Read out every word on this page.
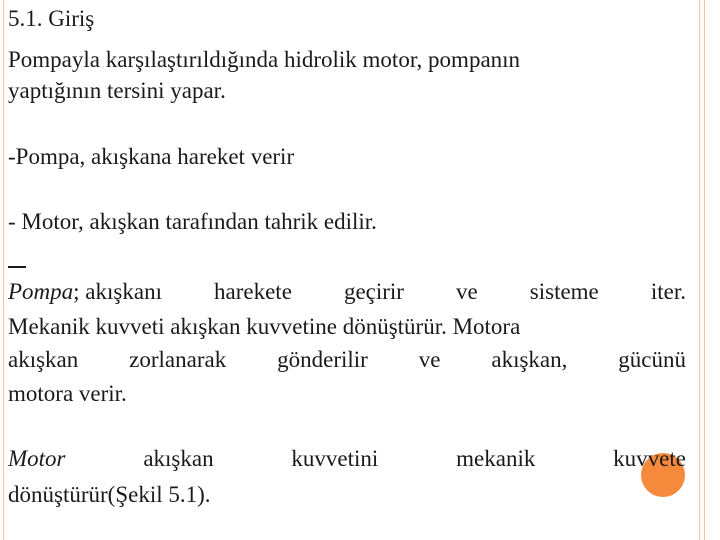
5.1. Giriş
Pompayla karşılaştırıldığında hidrolik motor, pompanın
yaptığının tersini yapar.
-Pompa, akışkana hareket verir
- Motor, akışkan tarafından tahrik edilir.
Pompa; akışkanı harekete geçirir ve sisteme iter.
Mekanik kuvveti akışkan kuvvetine dönüştürür. Motora
akışkan zorlanarak gönderilir ve akışkan, gücünü
motora verir.
Motor	akışkan	kuvvetini	mekanik	kuvvete
dönüştürür(Şekil 5.1).
